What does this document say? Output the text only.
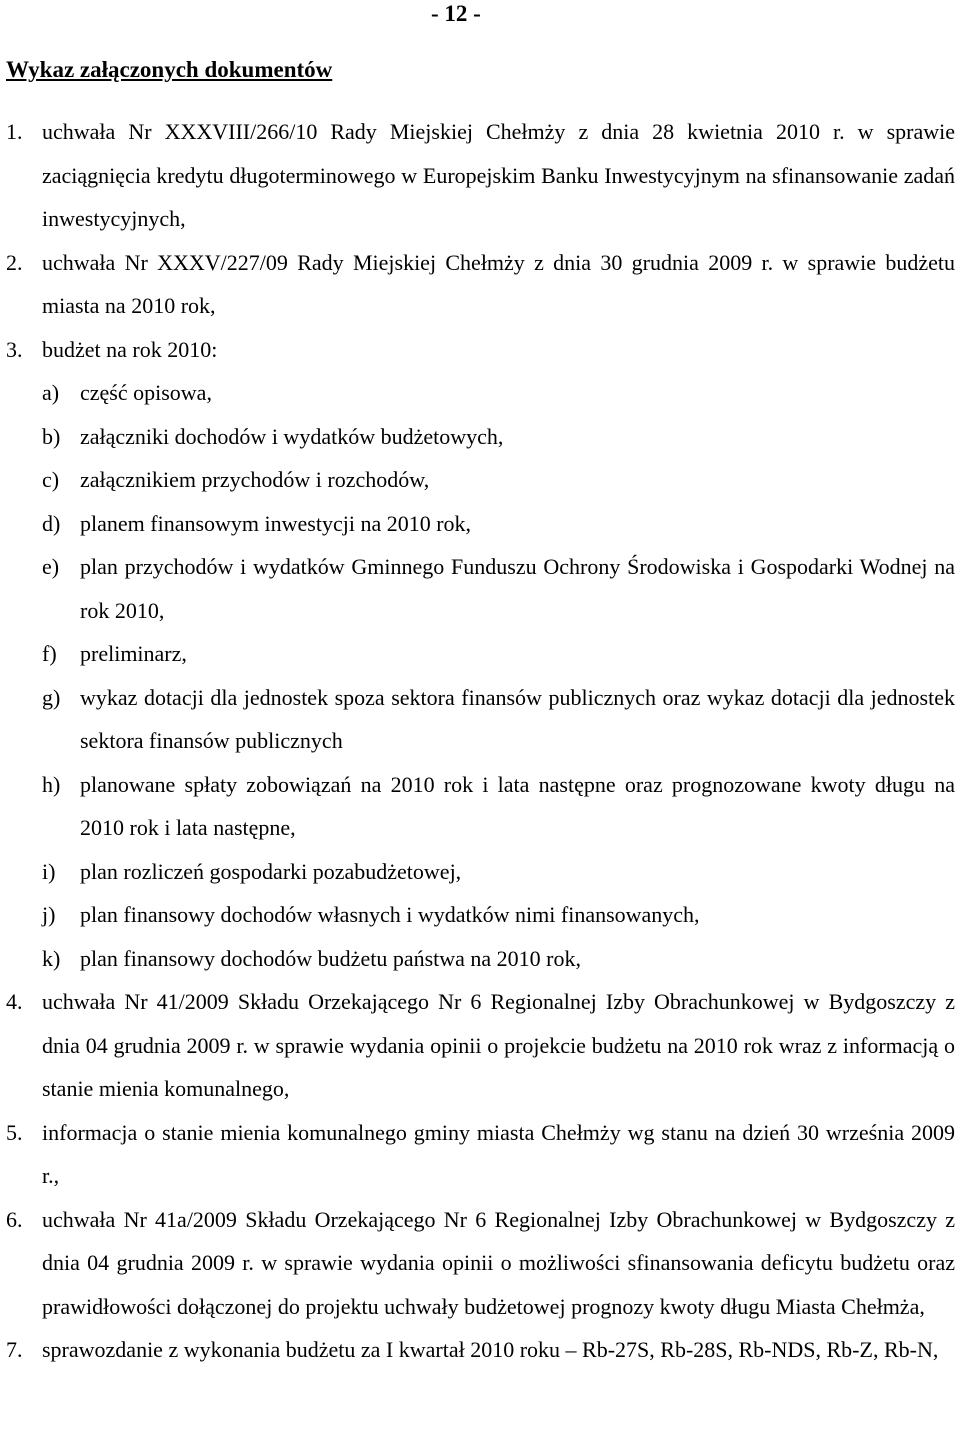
- 12 -
Wykaz załączonych dokumentów
1. uchwała Nr XXXVIII/266/10 Rady Miejskiej Chełmży z dnia 28 kwietnia 2010 r. w sprawie zaciągnięcia kredytu długoterminowego w Europejskim Banku Inwestycyjnym na sfinansowanie zadań inwestycyjnych,
2. uchwała Nr XXXV/227/09 Rady Miejskiej Chełmży z dnia 30 grudnia 2009 r. w sprawie budżetu miasta na 2010 rok,
3. budżet na rok 2010:
a) część opisowa,
b) załączniki dochodów i wydatków budżetowych,
c) załącznikiem przychodów i rozchodów,
d) planem finansowym inwestycji na 2010 rok,
e) plan przychodów i wydatków Gminnego Funduszu Ochrony Środowiska i Gospodarki Wodnej na rok 2010,
f) preliminarz,
g) wykaz dotacji dla jednostek spoza sektora finansów publicznych oraz wykaz dotacji dla jednostek sektora finansów publicznych
h) planowane spłaty zobowiązań na 2010 rok i lata następne oraz prognozowane kwoty długu na 2010 rok i lata następne,
i) plan rozliczeń gospodarki pozabudżetowej,
j) plan finansowy dochodów własnych i wydatków nimi finansowanych,
k) plan finansowy dochodów budżetu państwa na 2010 rok,
4. uchwała Nr 41/2009 Składu Orzekającego Nr 6 Regionalnej Izby Obrachunkowej w Bydgoszczy z dnia 04 grudnia 2009 r. w sprawie wydania opinii o projekcie budżetu na 2010 rok wraz z informacją o stanie mienia komunalnego,
5. informacja o stanie mienia komunalnego gminy miasta Chełmży wg stanu na dzień 30 września 2009 r.,
6. uchwała Nr 41a/2009 Składu Orzekającego Nr 6 Regionalnej Izby Obrachunkowej w Bydgoszczy z dnia 04 grudnia 2009 r. w sprawie wydania opinii o możliwości sfinansowania deficytu budżetu oraz prawidłowości dołączonej do projektu uchwały budżetowej prognozy kwoty długu Miasta Chełmża,
7. sprawozdanie z wykonania budżetu za I kwartał 2010 roku – Rb-27S, Rb-28S, Rb-NDS, Rb-Z, Rb-N,
